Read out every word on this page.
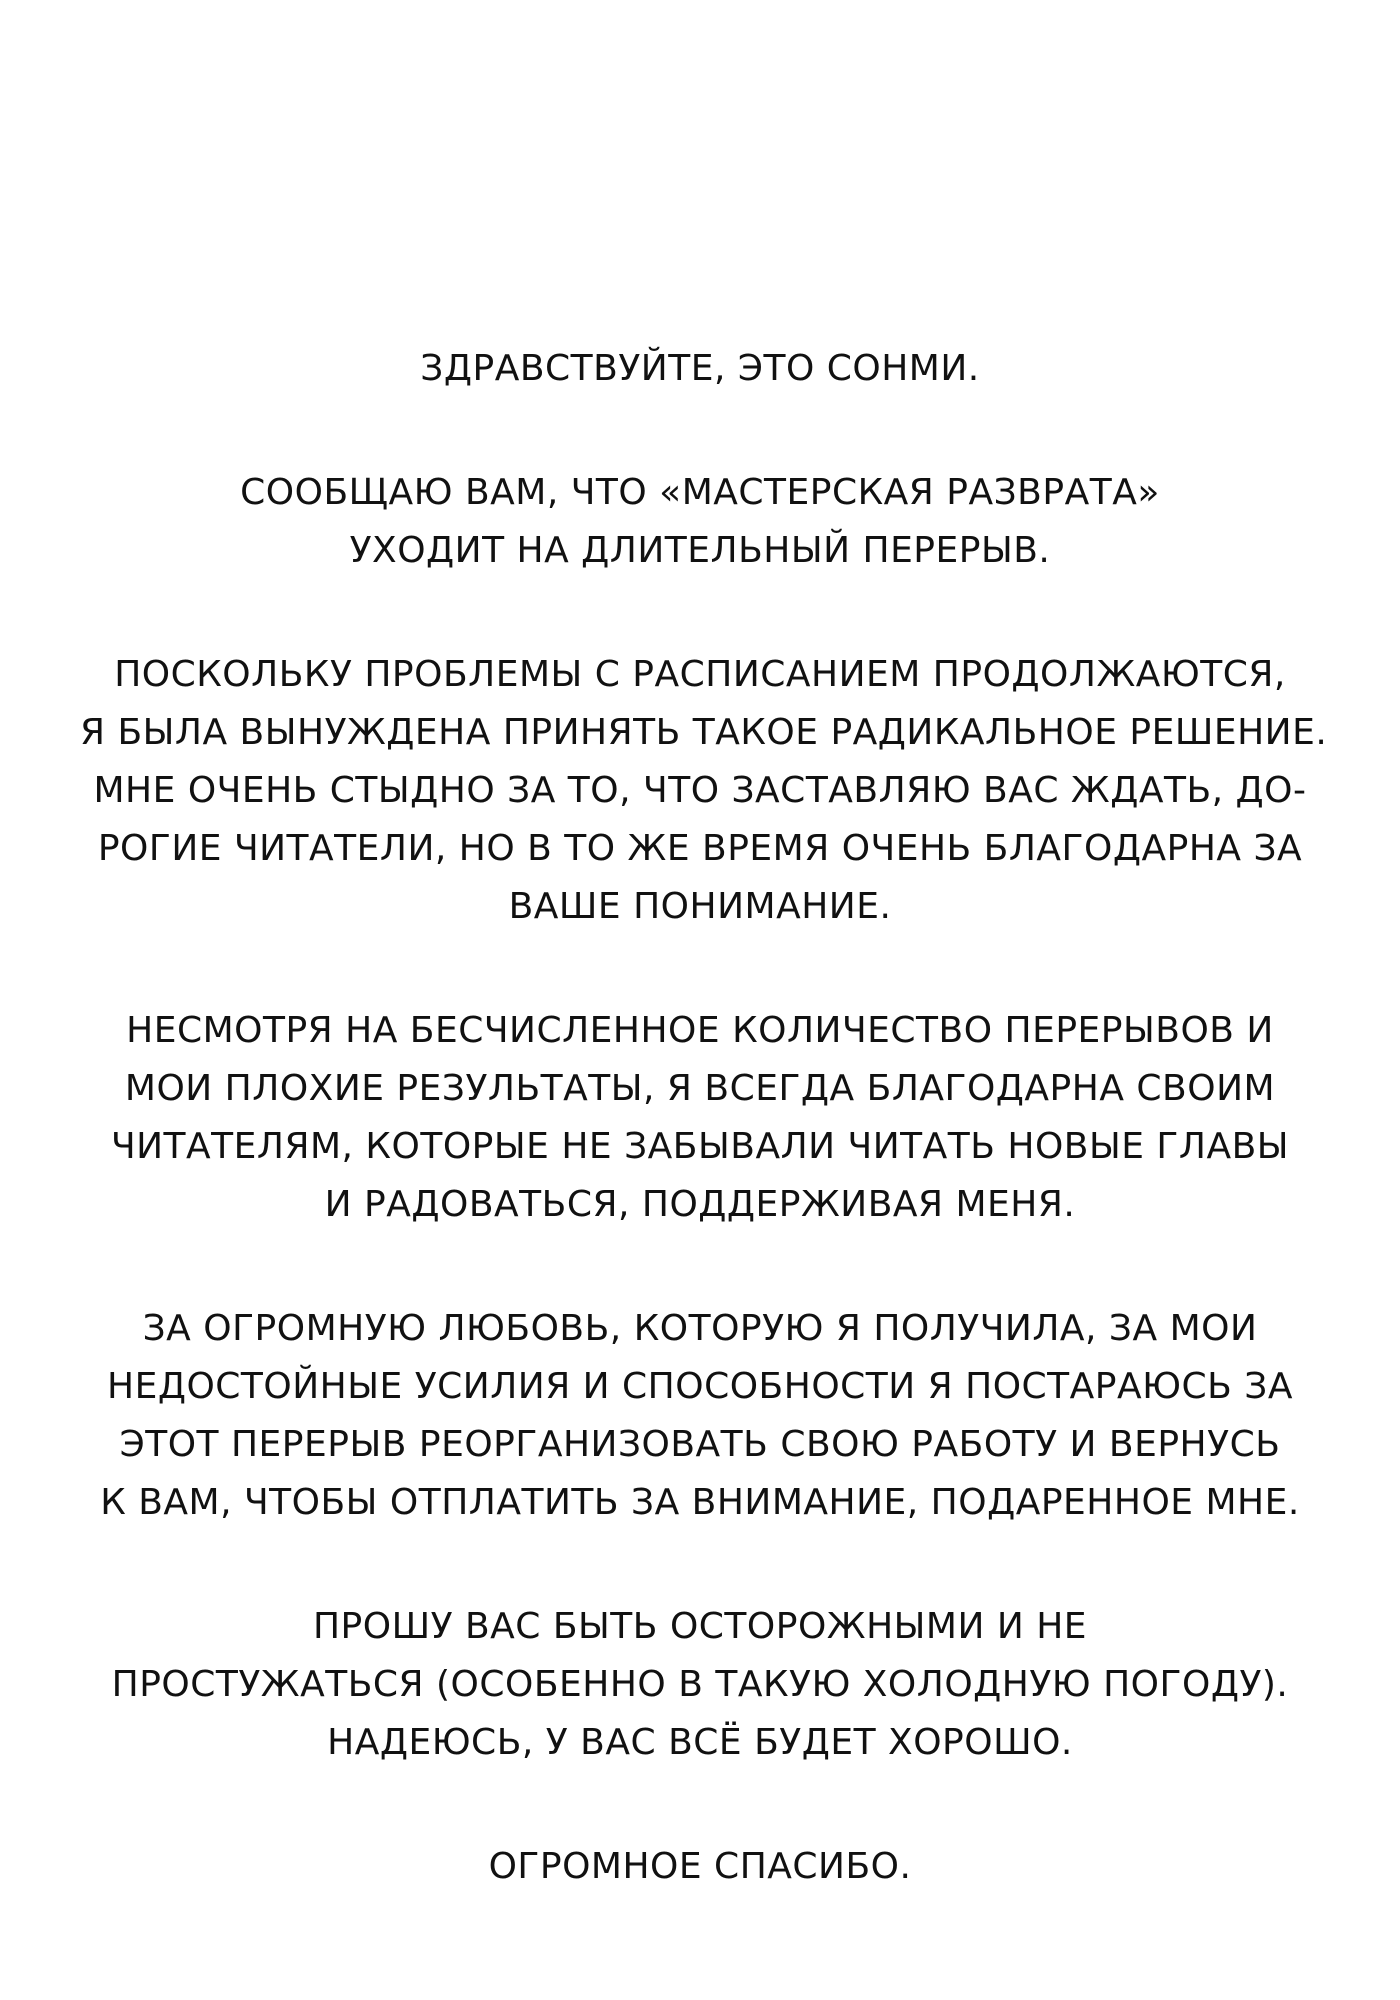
ЗДРАВСТВУЙТЕ, ЭТО СОНМИ.

СООБЩАЮ ВАМ, ЧТО «МАСТЕРСКАЯ РАЗВРАТА»
УХОДИТ НА ДЛИТЕЛЬНЫЙ ПЕРЕРЫВ.

ПОСКОЛЬКУ ПРОБЛЕМЫ С РАСПИСАНИЕМ ПРОДОЛЖАЮТСЯ,
Я БЫЛА ВЫНУЖДЕНА ПРИНЯТЬ ТАКОЕ РАДИКАЛЬНОЕ РЕШЕНИЕ.
МНЕ ОЧЕНЬ СТЫДНО ЗА ТО, ЧТО ЗАСТАВЛЯЮ ВАС ЖДАТЬ, ДО-
РОГИЕ ЧИТАТЕЛИ, НО В ТО ЖЕ ВРЕМЯ ОЧЕНЬ БЛАГОДАРНА ЗА
ВАШЕ ПОНИМАНИЕ.

НЕСМОТРЯ НА БЕСЧИСЛЕННОЕ КОЛИЧЕСТВО ПЕРЕРЫВОВ И
МОИ ПЛОХИЕ РЕЗУЛЬТАТЫ, Я ВСЕГДА БЛАГОДАРНА СВОИМ
ЧИТАТЕЛЯМ, КОТОРЫЕ НЕ ЗАБЫВАЛИ ЧИТАТЬ НОВЫЕ ГЛАВЫ
И РАДОВАТЬСЯ, ПОДДЕРЖИВАЯ МЕНЯ.

ЗА ОГРОМНУЮ ЛЮБОВЬ, КОТОРУЮ Я ПОЛУЧИЛА, ЗА МОИ
НЕДОСТОЙНЫЕ УСИЛИЯ И СПОСОБНОСТИ Я ПОСТАРАЮСЬ ЗА
ЭТОТ ПЕРЕРЫВ РЕОРГАНИЗОВАТЬ СВОЮ РАБОТУ И ВЕРНУСЬ
К ВАМ, ЧТОБЫ ОТПЛАТИТЬ ЗА ВНИМАНИЕ, ПОДАРЕННОЕ МНЕ.

ПРОШУ ВАС БЫТЬ ОСТОРОЖНЫМИ И НЕ
ПРОСТУЖАТЬСЯ (ОСОБЕННО В ТАКУЮ ХОЛОДНУЮ ПОГОДУ).
НАДЕЮСЬ, У ВАС ВСЁ БУДЕТ ХОРОШО.

ОГРОМНОЕ СПАСИБО.
